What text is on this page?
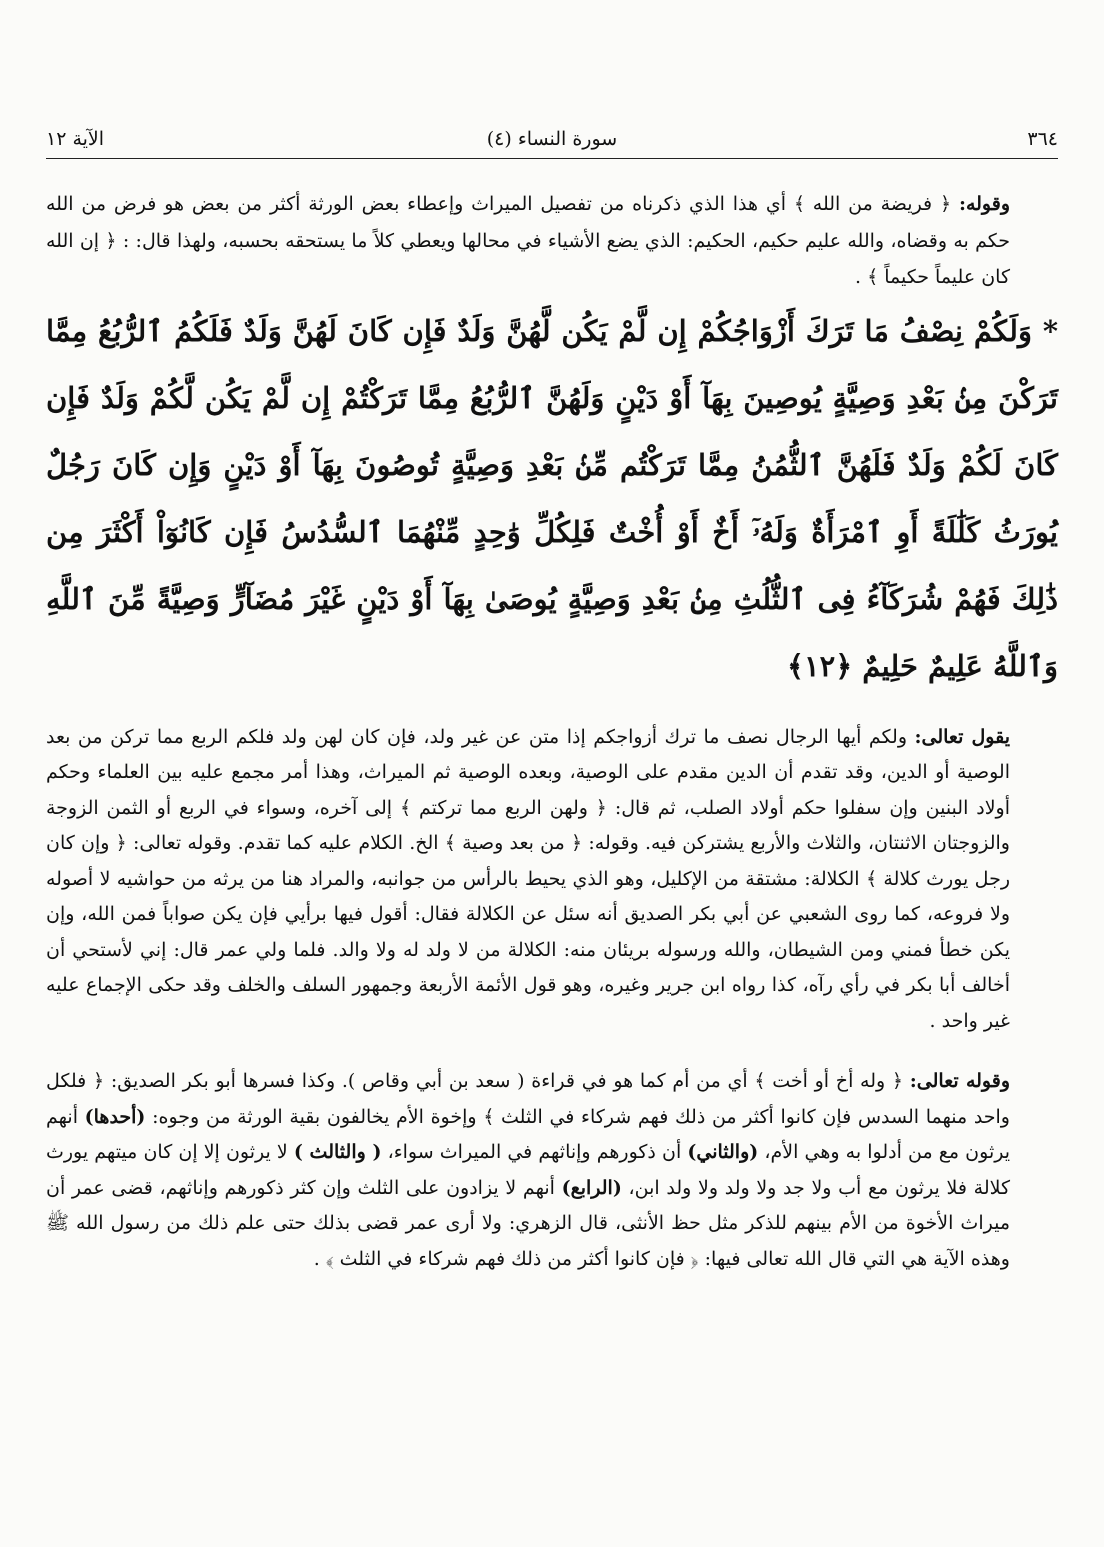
٣٦٤
(٤) سورة النساء
الآية ١٢

وقوله: ﴿ فريضة من الله ﴾ أي هذا الذي ذكرناه من تفصيل الميراث وإعطاء بعض الورثة أكثر من بعض هو فرض من الله حكم به وقضاه، والله عليم حكيم، الحكيم: الذي يضع الأشياء في محالها ويعطي كلاً ما يستحقه بحسبه، ولهذا قال: : ﴿ إن الله كان عليماً حكيماً ﴾ .

* وَلَكُمْ نِصْفُ مَا تَرَكَ أَزْوَاجُكُمْ إِن لَّمْ يَكُن لَّهُنَّ وَلَدٌ فَإِن كَانَ لَهُنَّ وَلَدٌ فَلَكُمُ ٱلرُّبُعُ مِمَّا تَرَكْنَ مِنۢ بَعْدِ وَصِيَّةٍ يُوصِينَ بِهَآ أَوْ دَيْنٍ وَلَهُنَّ ٱلرُّبُعُ مِمَّا تَرَكْتُمْ إِن لَّمْ يَكُن لَّكُمْ وَلَدٌ فَإِن كَانَ لَكُمْ وَلَدٌ فَلَهُنَّ ٱلثُّمُنُ مِمَّا تَرَكْتُم مِّنۢ بَعْدِ وَصِيَّةٍ تُوصُونَ بِهَآ أَوْ دَيْنٍ وَإِن كَانَ رَجُلٌ يُورَثُ كَلَٰلَةً أَوِ ٱمْرَأَةٌ وَلَهُۥٓ أَخٌ أَوْ أُخْتٌ فَلِكُلِّ وَٰحِدٍ مِّنْهُمَا ٱلسُّدُسُ فَإِن كَانُوٓاْ أَكْثَرَ مِن ذَٰلِكَ فَهُمْ شُرَكَآءُ فِى ٱلثُّلُثِ مِنۢ بَعْدِ وَصِيَّةٍ يُوصَىٰ بِهَآ أَوْ دَيْنٍ غَيْرَ مُضَآرٍّ وَصِيَّةً مِّنَ ٱللَّهِ وَٱللَّهُ عَلِيمٌ حَلِيمٌ ﴿١٢﴾

يقول تعالى: ولكم أيها الرجال نصف ما ترك أزواجكم إذا متن عن غير ولد، فإن كان لهن ولد فلكم الربع مما تركن من بعد الوصية أو الدين، وقد تقدم أن الدين مقدم على الوصية، وبعده الوصية ثم الميراث، وهذا أمر مجمع عليه بين العلماء وحكم أولاد البنين وإن سفلوا حكم أولاد الصلب، ثم قال: ﴿ ولهن الربع مما تركتم ﴾ إلى آخره، وسواء في الربع أو الثمن الزوجة والزوجتان الاثنتان، والثلاث والأربع يشتركن فيه. وقوله: ﴿ من بعد وصية ﴾ الخ. الكلام عليه كما تقدم. وقوله تعالى: ﴿ وإن كان رجل يورث كلالة ﴾ الكلالة: مشتقة من الإكليل، وهو الذي يحيط بالرأس من جوانبه، والمراد هنا من يرثه من حواشيه لا أصوله ولا فروعه، كما روى الشعبي عن أبي بكر الصديق أنه سئل عن الكلالة فقال: أقول فيها برأيي فإن يكن صواباً فمن الله، وإن يكن خطأ فمني ومن الشيطان، والله ورسوله بريئان منه: الكلالة من لا ولد له ولا والد. فلما ولي عمر قال: إني لأستحي أن أخالف أبا بكر في رأي رآه، كذا رواه ابن جرير وغيره، وهو قول الأئمة الأربعة وجمهور السلف والخلف وقد حكى الإجماع عليه غير واحد .

وقوله تعالى: ﴿ وله أخ أو أخت ﴾ أي من أم كما هو في قراءة ( سعد بن أبي وقاص ). وكذا فسرها أبو بكر الصديق: ﴿ فلكل واحد منهما السدس فإن كانوا أكثر من ذلك فهم شركاء في الثلث ﴾ وإخوة الأم يخالفون بقية الورثة من وجوه: (أحدها) أنهم يرثون مع من أدلوا به وهي الأم، (والثاني) أن ذكورهم وإناثهم في الميراث سواء، ( والثالث ) لا يرثون إلا إن كان ميتهم يورث كلالة فلا يرثون مع أب ولا جد ولا ولد ولا ولد ابن، (الرابع) أنهم لا يزادون على الثلث وإن كثر ذكورهم وإناثهم، قضى عمر أن ميراث الأخوة من الأم بينهم للذكر مثل حظ الأنثى، قال الزهري: ولا أرى عمر قضى بذلك حتى علم ذلك من رسول الله ﷺ وهذه الآية هي التي قال الله تعالى فيها: ﴿ فإن كانوا أكثر من ذلك فهم شركاء في الثلث ﴾ .
